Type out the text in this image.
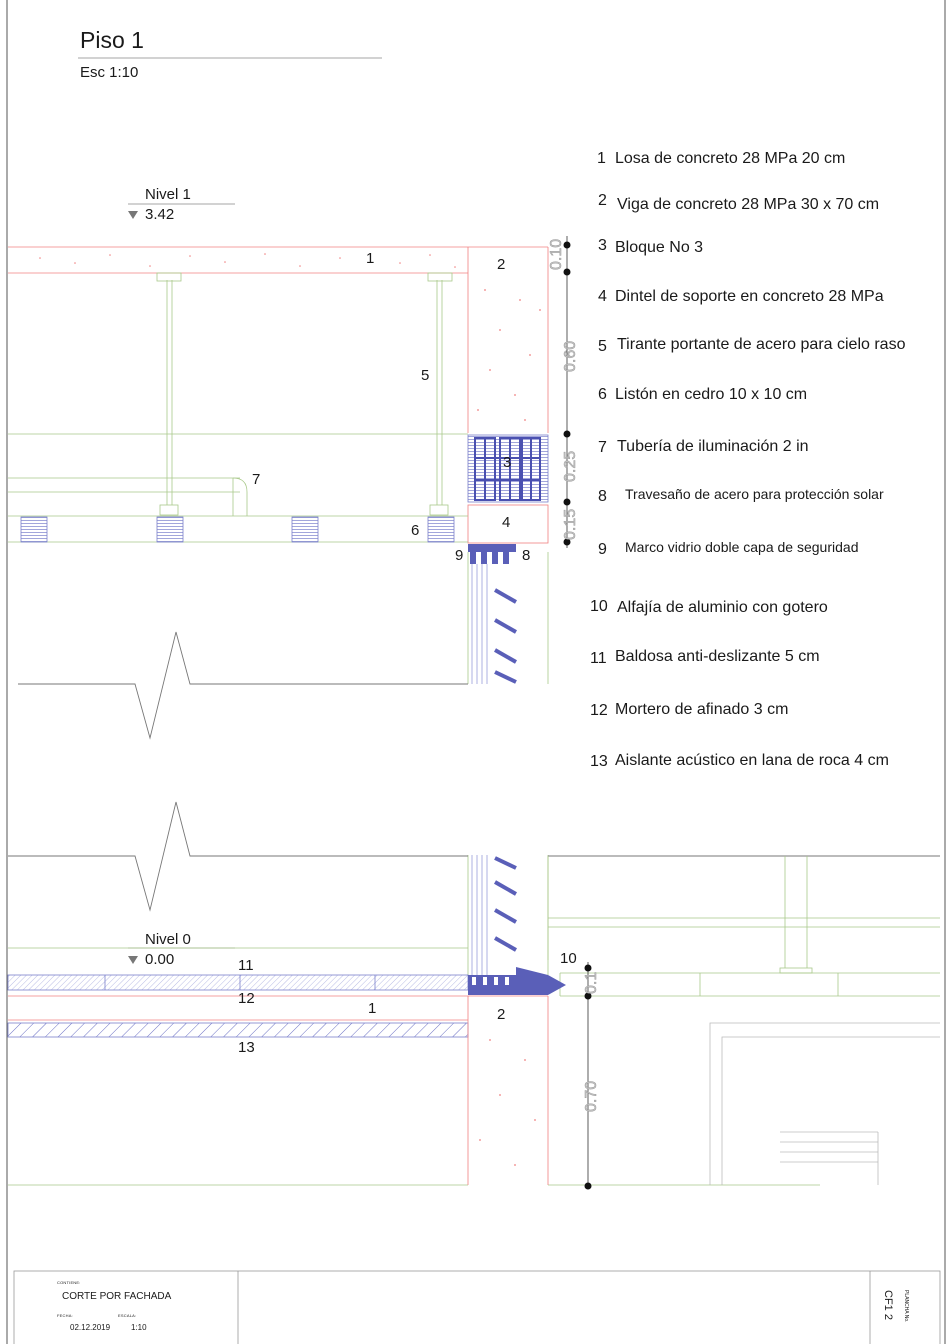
Piso 1
Esc 1:10
Nivel 1
3.42
Nivel 0
0.00
1 Losa de concreto 28 MPa 20 cm
2 Viga de concreto 28 MPa 30 x 70 cm
3 Bloque No 3
4 Dintel de soporte en concreto 28 MPa
5 Tirante portante de acero para cielo raso
6 Listón en cedro 10 x 10 cm
7 Tubería de iluminación 2 in
8 Travesaño de acero para protección solar
9 Marco vidrio doble capa de seguridad
10 Alfajía de aluminio con gotero
11 Baldosa anti-deslizante 5 cm
12 Mortero de afinado 3 cm
13 Aislante acústico en lana de roca 4 cm
1	2
3
4
5
6
7
8
9
10
11
12
13
1	2
0.10
0.60
0.25
0.15
0.1
0.70
CONTIENE:
CORTE POR FACHADA
FECHA:
02.12.2019
ESCALA:
1:10
PLANCHA No.
CF1 2
